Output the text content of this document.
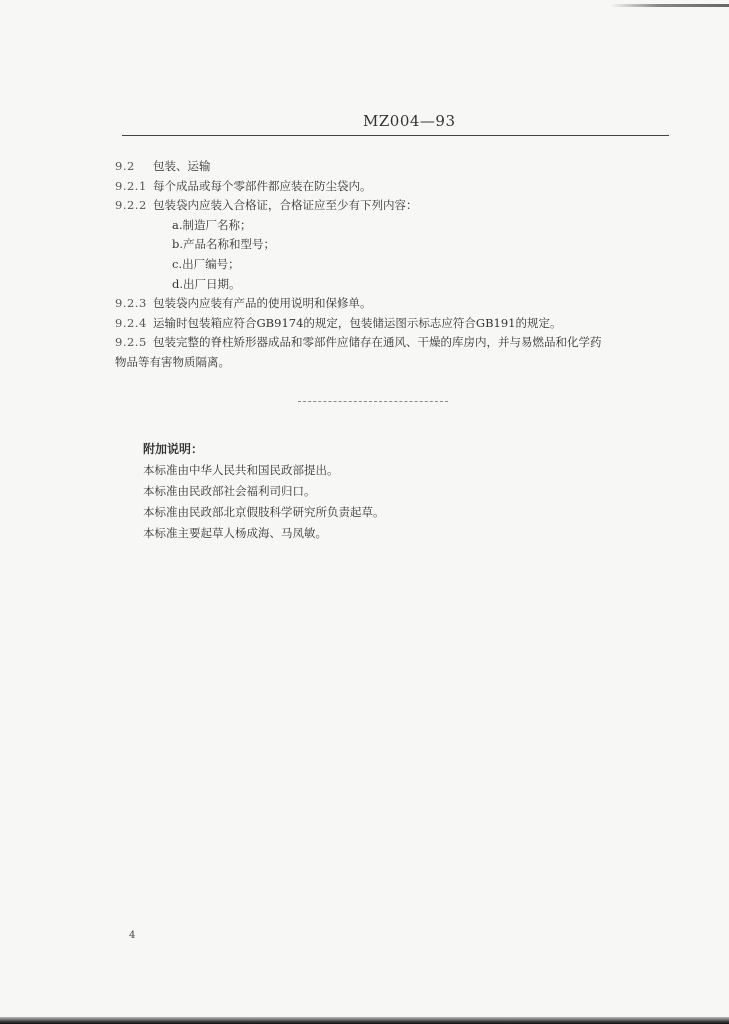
MZ004—93
9.2 包装、运输
9.2.1 每个成品或每个零部件都应装在防尘袋内。
9.2.2 包装袋内应装入合格证，合格证应至少有下列内容：
a.制造厂名称；
b.产品名称和型号；
c.出厂编号；
d.出厂日期。
9.2.3 包装袋内应装有产品的使用说明和保修单。
9.2.4 运输时包装箱应符合GB9174的规定，包装储运图示标志应符合GB191的规定。
9.2.5 包装完整的脊柱矫形器成品和零部件应储存在通风、干燥的库房内，并与易燃品和化学药
物品等有害物质隔离。
附加说明：
本标准由中华人民共和国民政部提出。
本标准由民政部社会福利司归口。
本标准由民政部北京假肢科学研究所负责起草。
本标准主要起草人杨成海、马凤敏。
4
